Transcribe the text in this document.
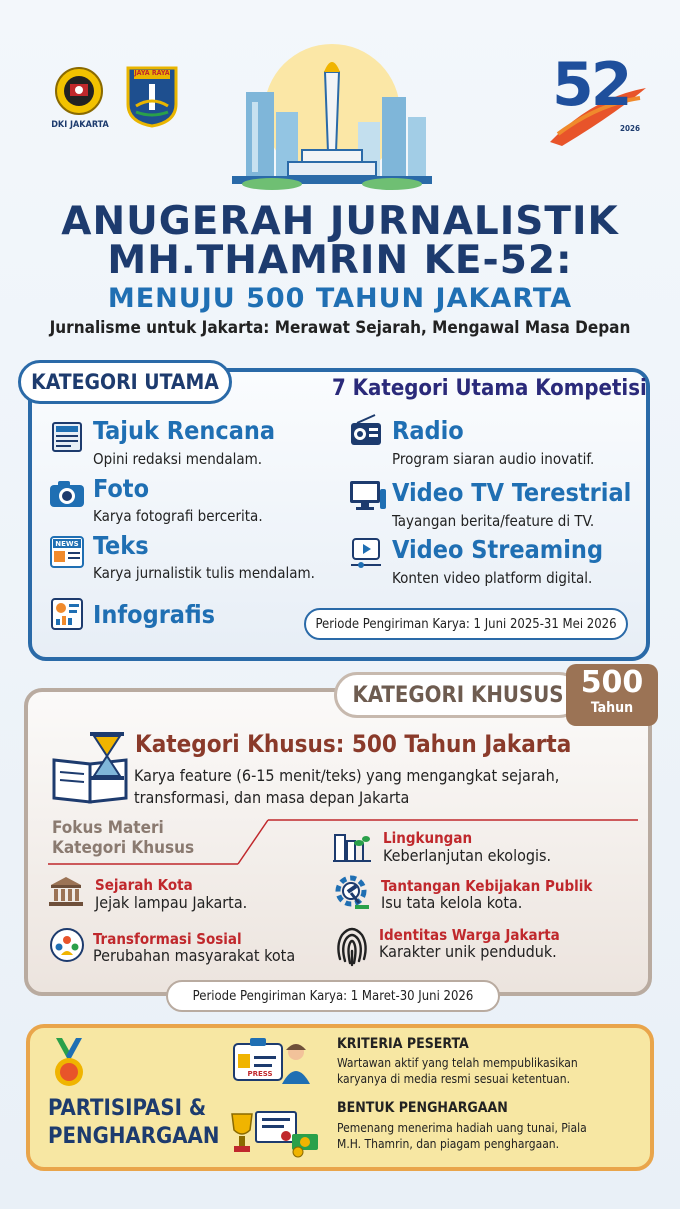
DKI JAKARTA
JAYA RAYA	52
2026
ANUGERAH JURNALISTIK
MH.THAMRIN KE-52:
MENUJU 500 TAHUN JAKARTA
Jurnalisme untuk Jakarta: Merawat Sejarah, Mengawal Masa Depan
KATEGORI UTAMA	7 Kategori Utama Kompetisi
Tajuk Rencana
Opini redaksi mendalam.
Foto
Karya fotografi bercerita.
NEWS Teks
Karya jurnalistik tulis mendalam.
Infografis
Radio
Program siaran audio inovatif.
Video TV Terestrial
Tayangan berita/feature di TV.
Video Streaming
Konten video platform digital.
Periode Pengiriman Karya: 1 Juni 2025-31 Mei 2026
KATEGORI KHUSUS 500
Tahun
Kategori Khusus: 500 Tahun Jakarta
Karya feature (6-15 menit/teks) yang mengangkat sejarah,
transformasi, dan masa depan Jakarta
Fokus Materi
Kategori Khusus
Sejarah Kota
Jejak lampau Jakarta.
Transformasi Sosial
Perubahan masyarakat kota
Lingkungan
Keberlanjutan ekologis.
Tantangan Kebijakan Publik
Isu tata kelola kota.
Identitas Warga Jakarta
Karakter unik penduduk.
Periode Pengiriman Karya: 1 Maret-30 Juni 2026
PARTISIPASI &
PENGHARGAAN
PRESS
KRITERIA PESERTA
Wartawan aktif yang telah mempublikasikan
karyanya di media resmi sesuai ketentuan.
BENTUK PENGHARGAAN
Pemenang menerima hadiah uang tunai, Piala
M.H. Thamrin, dan piagam penghargaan.
